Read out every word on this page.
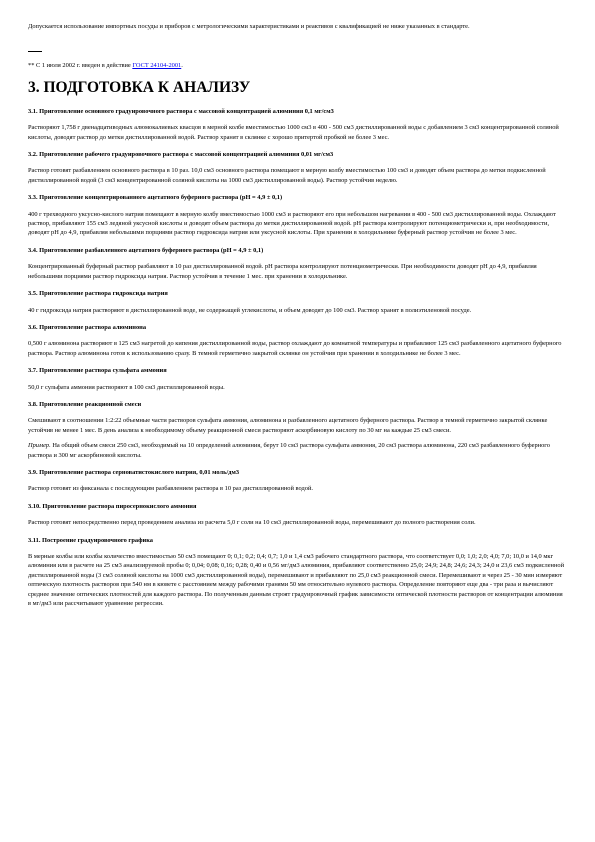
Допускается использование импортных посуды и приборов с метрологическими характеристиками и реактивов с квалификацией не ниже указанных в стандарте.

** С 1 июля 2002 г. введен в действие ГОСТ 24104-2001.

3. ПОДГОТОВКА К АНАЛИЗУ

3.1. Приготовление основного градуировочного раствора с массовой концентрацией алюминия 0,1 мг/см3

Растворяют 1,758 г двенадцативодных алюмокалиевых квасцов в мерной колбе вместимостью 1000 см3 в 400 - 500 см3 дистиллированной воды с добавлением 3 см3 концентрированной соляной кислоты, доводят раствор до метки дистиллированной водой. Раствор хранят в склянке с хорошо притертой пробкой не более 3 мес.

3.2. Приготовление рабочего градуировочного раствора с массовой концентрацией алюминия 0,01 мг/см3

Раствор готовят разбавлением основного раствора в 10 раз. 10,0 см3 основного раствора помещают в мерную колбу вместимостью 100 см3 и доводят объем раствора до метки подкисленной дистиллированной водой (3 см3 концентрированной соляной кислоты на 1000 см3 дистиллированной воды). Раствор устойчив неделю.

3.3. Приготовление концентрированного ацетатного буферного раствора (рН = 4,9 ± 0,1)

400 г трехводного уксусно-кислого натрия помещают в мерную колбу вместимостью 1000 см3 и растворяют его при небольшом нагревании в 400 - 500 см3 дистиллированной воды. Охлаждают раствор, прибавляют 155 см3 ледяной уксусной кислоты и доводят объем раствора до метки дистиллированной водой. рН раствора контролируют потенциометрически и, при необходимости, доводят рН до 4,9, прибавляя небольшими порциями раствор гидроксида натрия или уксусной кислоты. При хранении в холодильнике буферный раствор устойчив не более 3 мес.

3.4. Приготовление разбавленного ацетатного буферного раствора (рН = 4,9 ± 0,1)

Концентрированный буферный раствор разбавляют в 10 раз дистиллированной водой. рН раствора контролируют потенциометрически. При необходимости доводят рН до 4,9, прибавляя небольшими порциями раствор гидроксида натрия. Раствор устойчив в течение 1 мес. при хранении в холодильнике.

3.5. Приготовление раствора гидроксида натрия

40 г гидроксида натрия растворяют в дистиллированной воде, не содержащей углекислоты, и объем доводят до 100 см3. Раствор хранят в полиэтиленовой посуде.

3.6. Приготовление раствора алюминона

0,500 г алюминона растворяют в 125 см3 нагретой до кипения дистиллированной воды, раствор охлаждают до комнатной температуры и прибавляют 125 см3 разбавленного ацетатного буферного раствора. Раствор алюминона готов к использованию сразу. В темной герметично закрытой склянке он устойчив при хранении в холодильнике не более 3 мес.

3.7. Приготовление раствора сульфата аммония

50,0 г сульфата аммония растворяют в 100 см3 дистиллированной воды.

3.8. Приготовление реакционной смеси

Смешивают в соотношении 1:2:22 объемные части растворов сульфата аммония, алюминона и разбавленного ацетатного буферного раствора. Раствор в темной герметично закрытой склянке устойчив не менее 1 мес. В день анализа к необходимому объему реакционной смеси растворяют аскорбиновую кислоту по 30 мг на каждые 25 см3 смеси.

Пример. На общий объем смеси 250 см3, необходимый на 10 определений алюминия, берут 10 см3 раствора сульфата аммония, 20 см3 раствора алюминона, 220 см3 разбавленного буферного раствора и 300 мг аскорбиновой кислоты.

3.9. Приготовление раствора серноватистокислого натрия, 0,01 моль/дм3

Раствор готовят из фиксанала с последующим разбавлением раствора в 10 раз дистиллированной водой.

3.10. Приготовление раствора пиросернокислого аммония

Раствор готовят непосредственно перед проведением анализа из расчета 5,0 г соли на 10 см3 дистиллированной воды, перемешивают до полного растворения соли.

3.11. Построение градуировочного графика

В мерные колбы или колбы количество вместимостью 50 см3 помещают 0; 0,1; 0,2; 0,4; 0,7; 1,0 и 1,4 см3 рабочего стандартного раствора, что соответствует 0,0; 1,0; 2,0; 4,0; 7,0; 10,0 и 14,0 мкг алюминия или в расчете на 25 см3 анализируемой пробы 0; 0,04; 0,08; 0,16; 0,28; 0,40 и 0,56 мг/дм3 алюминия, прибавляют соответственно 25,0; 24,9; 24,8; 24,6; 24,3; 24,0 и 23,6 см3 подкисленной дистиллированной воды (3 см3 соляной кислоты на 1000 см3 дистиллированной воды), перемешивают и прибавляют по 25,0 см3 реакционной смеси. Перемешивают и через 25 - 30 мин измеряют оптическую плотность растворов при 540 нм в кювете с расстоянием между рабочими гранями 50 мм относительно нулевого раствора. Определение повторяют еще два - три раза и вычисляют среднее значение оптических плотностей для каждого раствора. По полученным данным строят градуировочный график зависимости оптической плотности растворов от концентрации алюминия в мг/дм3 или рассчитывают уравнение регрессии.
